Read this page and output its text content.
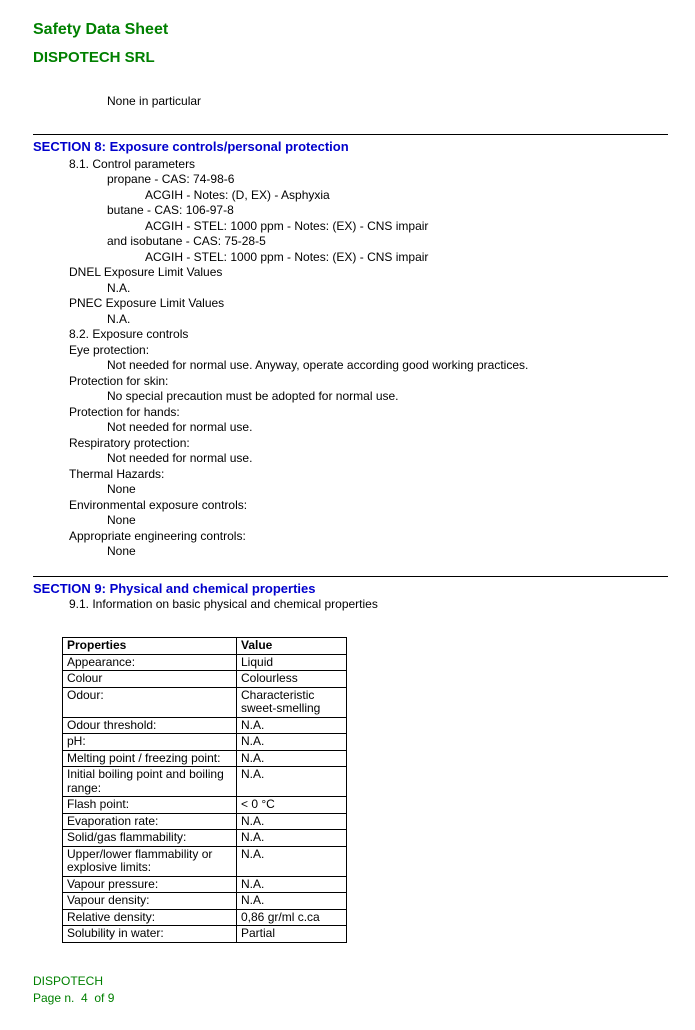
Safety Data Sheet
DISPOTECH SRL
None in particular
SECTION 8: Exposure controls/personal protection
8.1. Control parameters
propane - CAS: 74-98-6
ACGIH - Notes: (D, EX) - Asphyxia
butane - CAS: 106-97-8
ACGIH - STEL: 1000 ppm - Notes: (EX) - CNS impair
and isobutane - CAS: 75-28-5
ACGIH - STEL: 1000 ppm - Notes: (EX) - CNS impair
DNEL Exposure Limit Values
N.A.
PNEC Exposure Limit Values
N.A.
8.2. Exposure controls
Eye protection:
Not needed for normal use. Anyway, operate according good working practices.
Protection for skin:
No special precaution must be adopted for normal use.
Protection for hands:
Not needed for normal use.
Respiratory protection:
Not needed for normal use.
Thermal Hazards:
None
Environmental exposure controls:
None
Appropriate engineering controls:
None
SECTION 9: Physical and chemical properties
9.1. Information on basic physical and chemical properties
Properties	Value
Appearance:	Liquid
Colour	Colourless
Odour:	Characteristic sweet-smelling
Odour threshold:	N.A.
pH:	N.A.
Melting point / freezing point:	N.A.
Initial boiling point and boiling range:	N.A.
Flash point:	< 0 °C
Evaporation rate:	N.A.
Solid/gas flammability:	N.A.
Upper/lower flammability or explosive limits:	N.A.
Vapour pressure:	N.A.
Vapour density:	N.A.
Relative density:	0,86 gr/ml c.ca
Solubility in water:	Partial
DISPOTECH
Page n.  4  of 9
